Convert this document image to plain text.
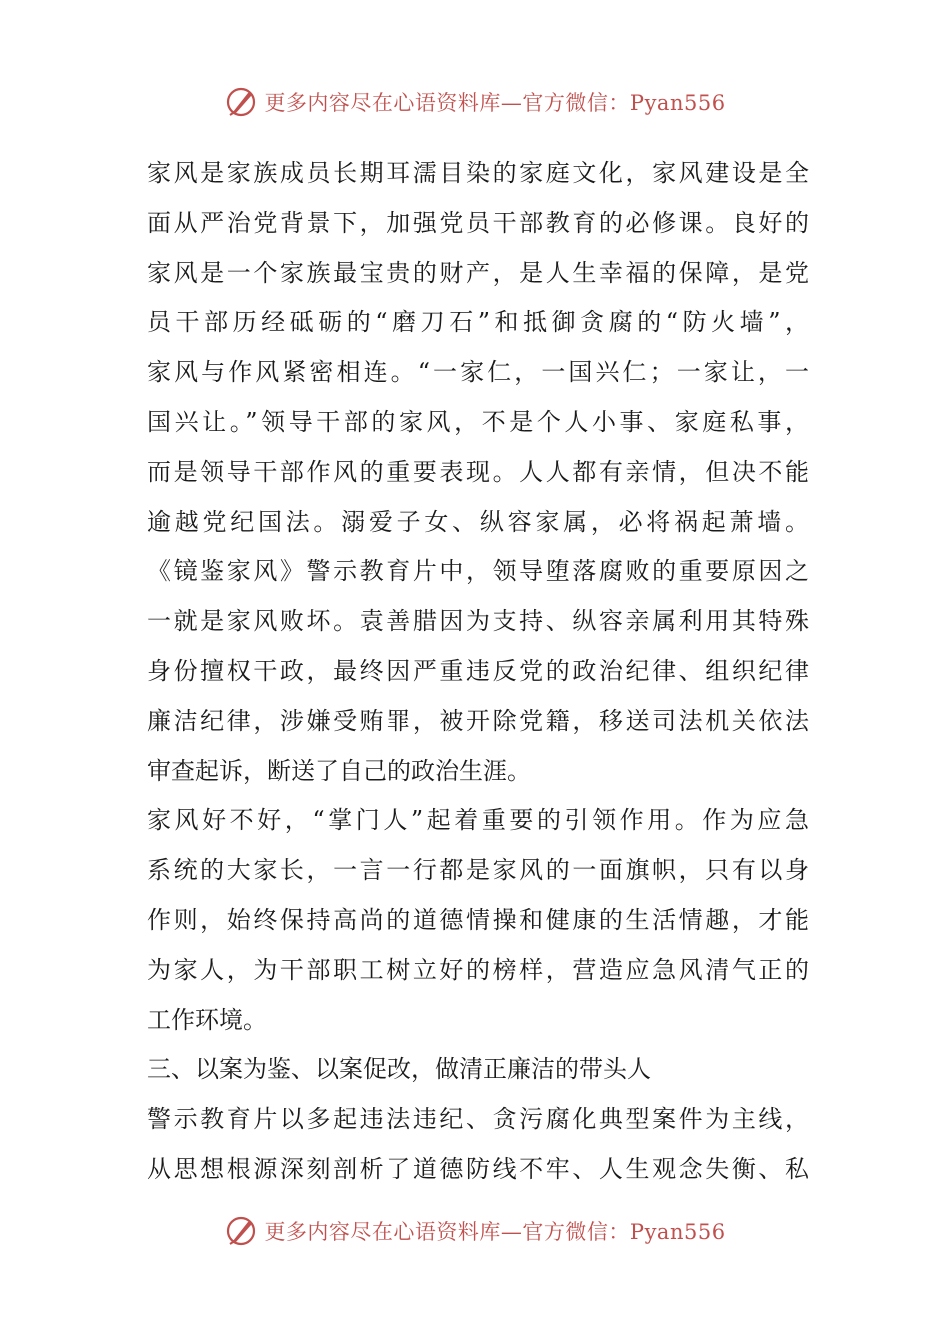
更多内容尽在心语资料库—官方微信：Pyan556
家风是家族成员长期耳濡目染的家庭文化，家风建设是全
面从严治党背景下，加强党员干部教育的必修课。良好的
家风是一个家族最宝贵的财产，是人生幸福的保障，是党
员干部历经砥砺的“磨刀石”和抵御贪腐的“防火墙”，
家风与作风紧密相连。“一家仁，一国兴仁；一家让，一
国兴让。”领导干部的家风，不是个人小事、家庭私事，
而是领导干部作风的重要表现。人人都有亲情，但决不能
逾越党纪国法。溺爱子女、纵容家属，必将祸起萧墙。
《镜鉴家风》警示教育片中，领导堕落腐败的重要原因之
一就是家风败坏。袁善腊因为支持、纵容亲属利用其特殊
身份擅权干政，最终因严重违反党的政治纪律、组织纪律
廉洁纪律，涉嫌受贿罪，被开除党籍，移送司法机关依法
审查起诉，断送了自己的政治生涯。
家风好不好，“掌门人”起着重要的引领作用。作为应急
系统的大家长，一言一行都是家风的一面旗帜，只有以身
作则，始终保持高尚的道德情操和健康的生活情趣，才能
为家人，为干部职工树立好的榜样，营造应急风清气正的
工作环境。
三、以案为鉴、以案促改，做清正廉洁的带头人
警示教育片以多起违法违纪、贪污腐化典型案件为主线，
从思想根源深刻剖析了道德防线不牢、人生观念失衡、私
更多内容尽在心语资料库—官方微信：Pyan556
